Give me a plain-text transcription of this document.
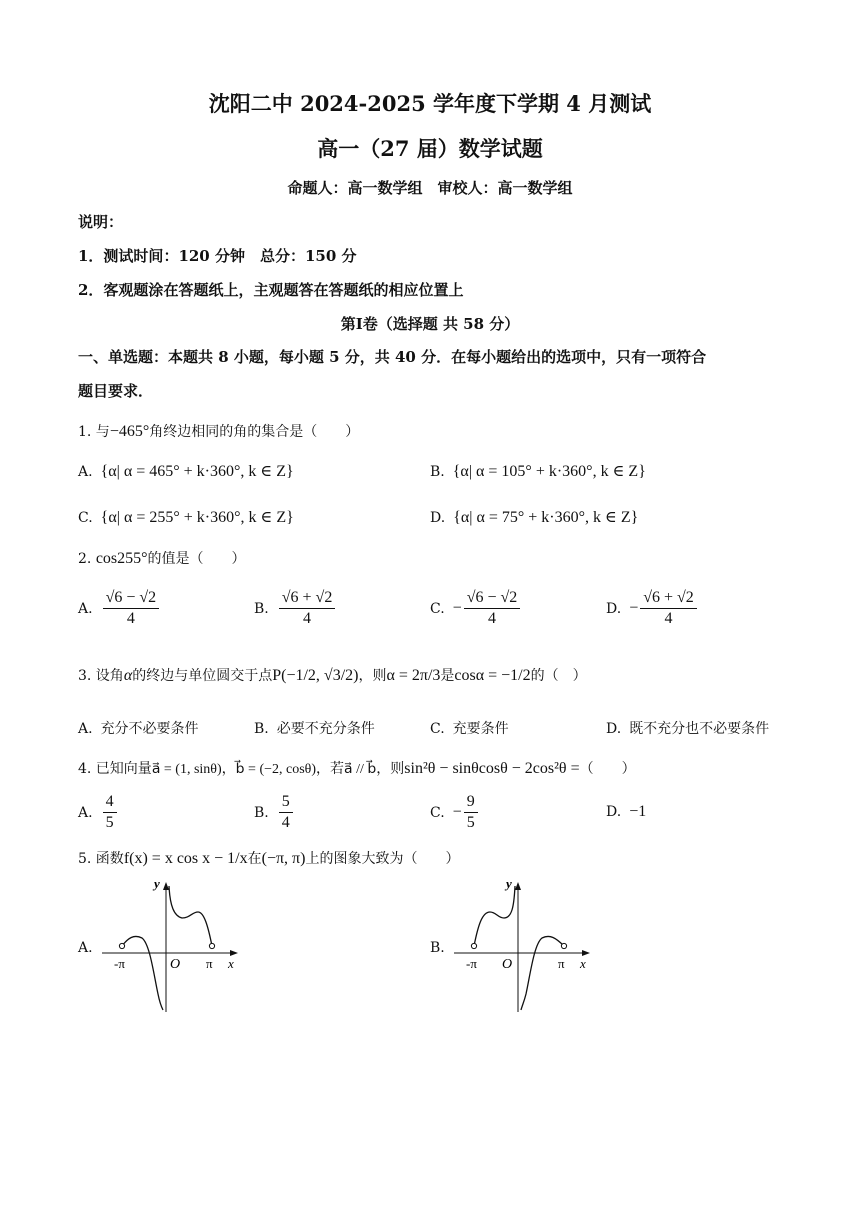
沈阳二中 2024-2025 学年度下学期 4 月测试
高一（27 届）数学试题
命题人：高一数学组　审校人：高一数学组
说明：
1．测试时间：120 分钟　总分：150 分
2．客观题涂在答题纸上，主观题答在答题纸的相应位置上
第Ⅰ卷（选择题 共 58 分）
一、单选题：本题共 8 小题，每小题 5 分，共 40 分．在每小题给出的选项中，只有一项符合
题目要求．
1. 与−465°角终边相同的角的集合是（　　）
A. {α| α = 465° + k·360°, k ∈ Z}	B. {α| α = 105° + k·360°, k ∈ Z}
C. {α| α = 255° + k·360°, k ∈ Z}	D. {α| α = 75° + k·360°, k ∈ Z}
2. cos255°的值是（　　）
A. $\frac{√6 - √2}{4}$	B. $\frac{√6 + √2}{4}$	C. − $\frac{√6 - √2}{4}$	D. − $\frac{√6 + √2}{4}$
3. 设角α的终边与单位圆交于点P(−1/2, √3/2)，则α = 2π/3是cosα = −1/2的（　）
A. 充分不必要条件	B. 必要不充分条件	C. 充要条件	D. 既不充分也不必要条件
4. 已知向量a⃗ = (1, sinθ)，b⃗ = (−2, cosθ)，若a⃗ // b⃗，则sin²θ − sinθcosθ − 2cos²θ =（　　）
A. $\frac{4}{5}$	B. $\frac{5}{4}$	C. − $\frac{9}{5}$	D. −1
5. 函数f(x) = x cos x − 1/x在(−π, π)上的图象大致为（　　）
A.	B.
y
x
O
-π	π
y
x
O
-π	π
